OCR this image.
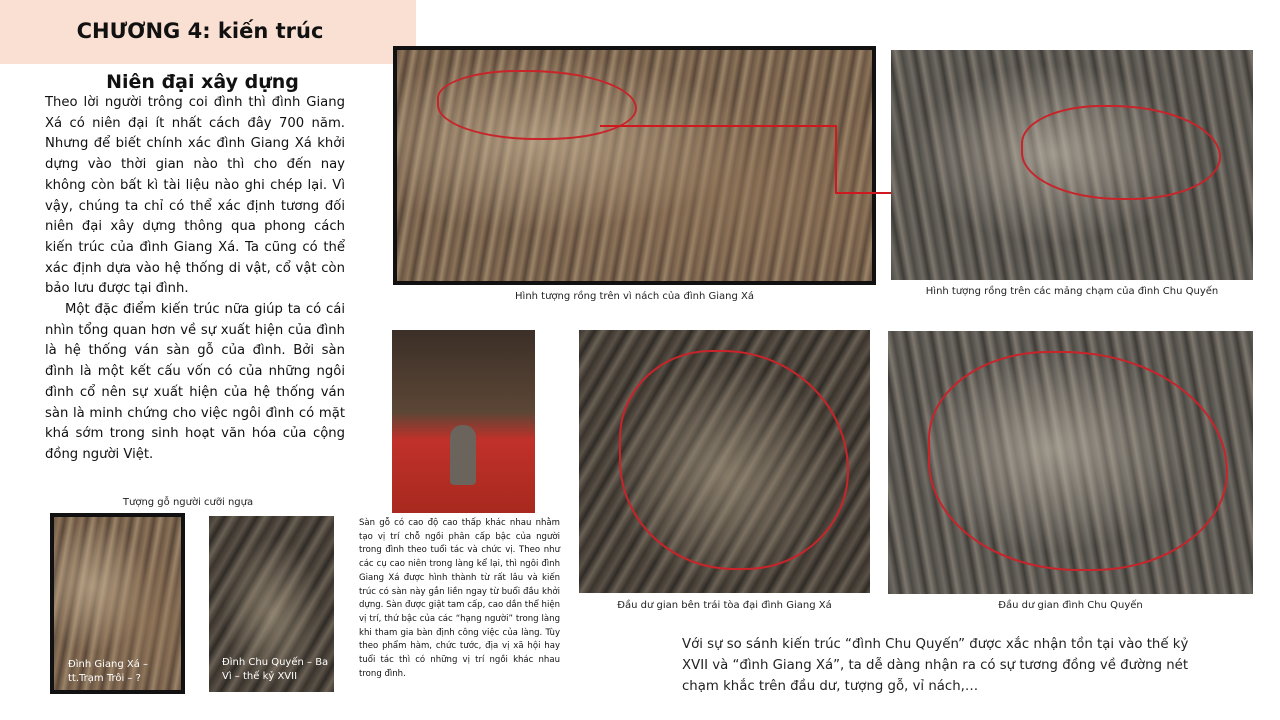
CHƯƠNG 4: kiến trúc
Niên đại xây dựng

Theo lời người trông coi đình thì đình Giang Xá có niên đại ít nhất cách đây 700 năm. Nhưng để biết chính xác đình Giang Xá khởi dựng vào thời gian nào thì cho đến nay không còn bất kì tài liệu nào ghi chép lại. Vì vậy, chúng ta chỉ có thể xác định tương đối niên đại xây dựng thông qua phong cách kiến trúc của đình Giang Xá. Ta cũng có thể xác định dựa vào hệ thống di vật, cổ vật còn bảo lưu được tại đình.

Một đặc điểm kiến trúc nữa giúp ta có cái nhìn tổng quan hơn về sự xuất hiện của đình là hệ thống ván sàn gỗ của đình. Bởi sàn đình là một kết cấu vốn có của những ngôi đình cổ nên sự xuất hiện của hệ thống ván sàn là minh chứng cho việc ngôi đình có mặt khá sớm trong sinh hoạt văn hóa của cộng đồng người Việt.

Hình tượng rồng trên vì nách của đình Giang Xá	Hình tượng rồng trên các mảng chạm của đình Chu Quyến
Đầu dư gian bên trái tòa đại đình Giang Xá	Đầu dư gian đình Chu Quyến
Tượng gỗ người cưỡi ngựa
Đình Giang Xá – tt.Trạm Trôi – ?
Đình Chu Quyến – Ba Vì – thế kỷ XVII
Sàn gỗ có cao độ cao thấp khác nhau nhằm tạo vị trí chỗ ngồi phân cấp bậc của người trong đình theo tuổi tác và chức vị. Theo như các cụ cao niên trong làng kể lại, thì ngôi đình Giang Xá được hình thành từ rất lâu và kiến trúc có sàn này gắn liền ngay từ buổi đầu khởi dựng. Sàn được giật tam cấp, cao dần thể hiện vị trí, thứ bậc của các “hạng người” trong làng khi tham gia bàn định công việc của làng. Tùy theo phẩm hàm, chức tước, địa vị xã hội hay tuổi tác thì có những vị trí ngồi khác nhau trong đình.
Với sự so sánh kiến trúc “đình Chu Quyến” được xắc nhận tồn tại vào thế kỷ XVII và “đình Giang Xá”, ta dễ dàng nhận ra có sự tương đồng về đường nét chạm khắc trên đầu dư, tượng gỗ, vỉ nách,…
